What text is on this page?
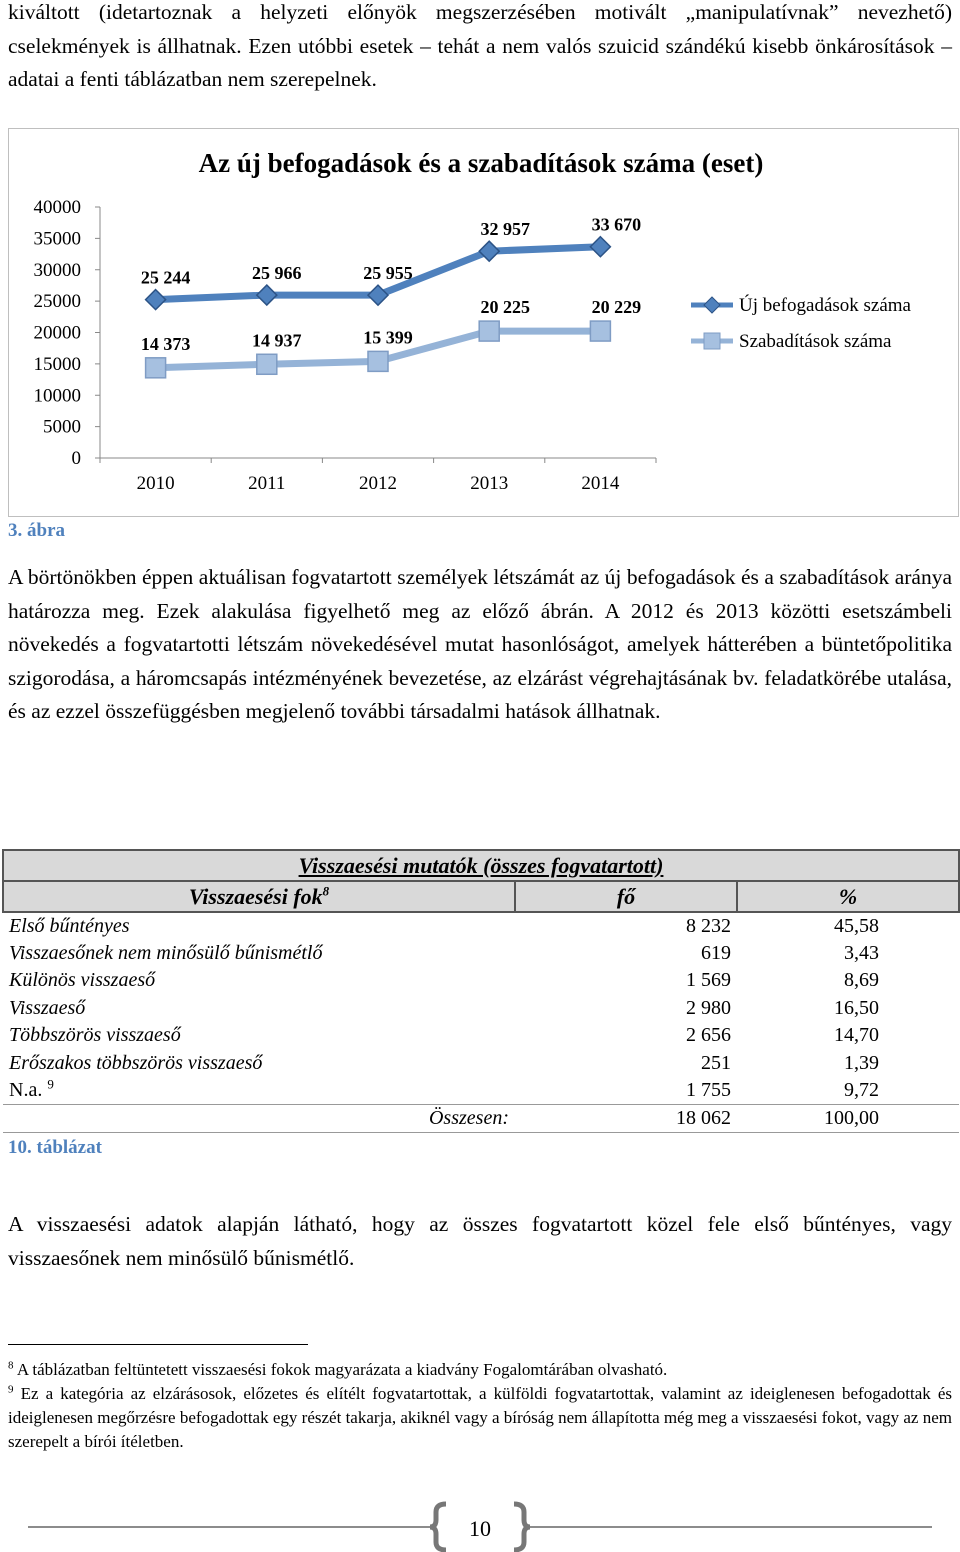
kiváltott (idetartoznak a helyzeti előnyök megszerzésében motivált „manipulatívnak” nevezhető) cselekmények is állhatnak. Ezen utóbbi esetek – tehát a nem valós szuicid szándékú kisebb önkárosítások – adatai a fenti táblázatban nem szerepelnek.
Az új befogadások és a szabadítások száma (eset)
40000
35000
30000
25000
20000
15000
10000
5000
0
2010	2011	2012	2013	2014
25 244	25 966	25 955
32 957	33 670
14 373	14 937	15 399
20 225	20 229	Új befogadások száma
Szabadítások száma
3. ábra
A börtönökben éppen aktuálisan fogvatartott személyek létszámát az új befogadások és a szabadítások aránya határozza meg. Ezek alakulása figyelhető meg az előző ábrán. A 2012 és 2013 közötti esetszámbeli növekedés a fogvatartotti létszám növekedésével mutat hasonlóságot, amelyek hátterében a büntetőpolitika szigorodása, a háromcsapás intézményének bevezetése, az elzárást végrehajtásának bv. feladatkörébe utalása, és az ezzel összefüggésben megjelenő további társadalmi hatások állhatnak.
Visszaesési mutatók (összes fogvatartott)		
Visszaesési fok$^8$	fő	%
Első bűntényes	8 232	45,58
Visszaesőnek nem minősülő bűnismétlő	619	3,43
Különös visszaeső	1 569	8,69
Visszaeső	2 980	16,50
Többszörös visszaeső	2 656	14,70
Erőszakos többszörös visszaeső	251	1,39
N.a. $^9$	1 755	9,72
Összesen:	18 062	100,00
10. táblázat
A visszaesési adatok alapján látható, hogy az összes fogvatartott közel fele első bűntényes, vagy visszaesőnek nem minősülő bűnismétlő.
$^8$ A táblázatban feltüntetett visszaesési fokok magyarázata a kiadvány Fogalomtárában olvasható.
$^9$ Ez a kategória az elzárásosok, előzetes és elítélt fogvatartottak, a külföldi fogvatartottak, valamint az ideiglenesen befogadottak és ideiglenesen megőrzésre befogadottak egy részét takarja, akiknél vagy a bíróság nem állapította még meg a visszaesési fokot, vagy az nem szerepelt a bírói ítéletben.
10
